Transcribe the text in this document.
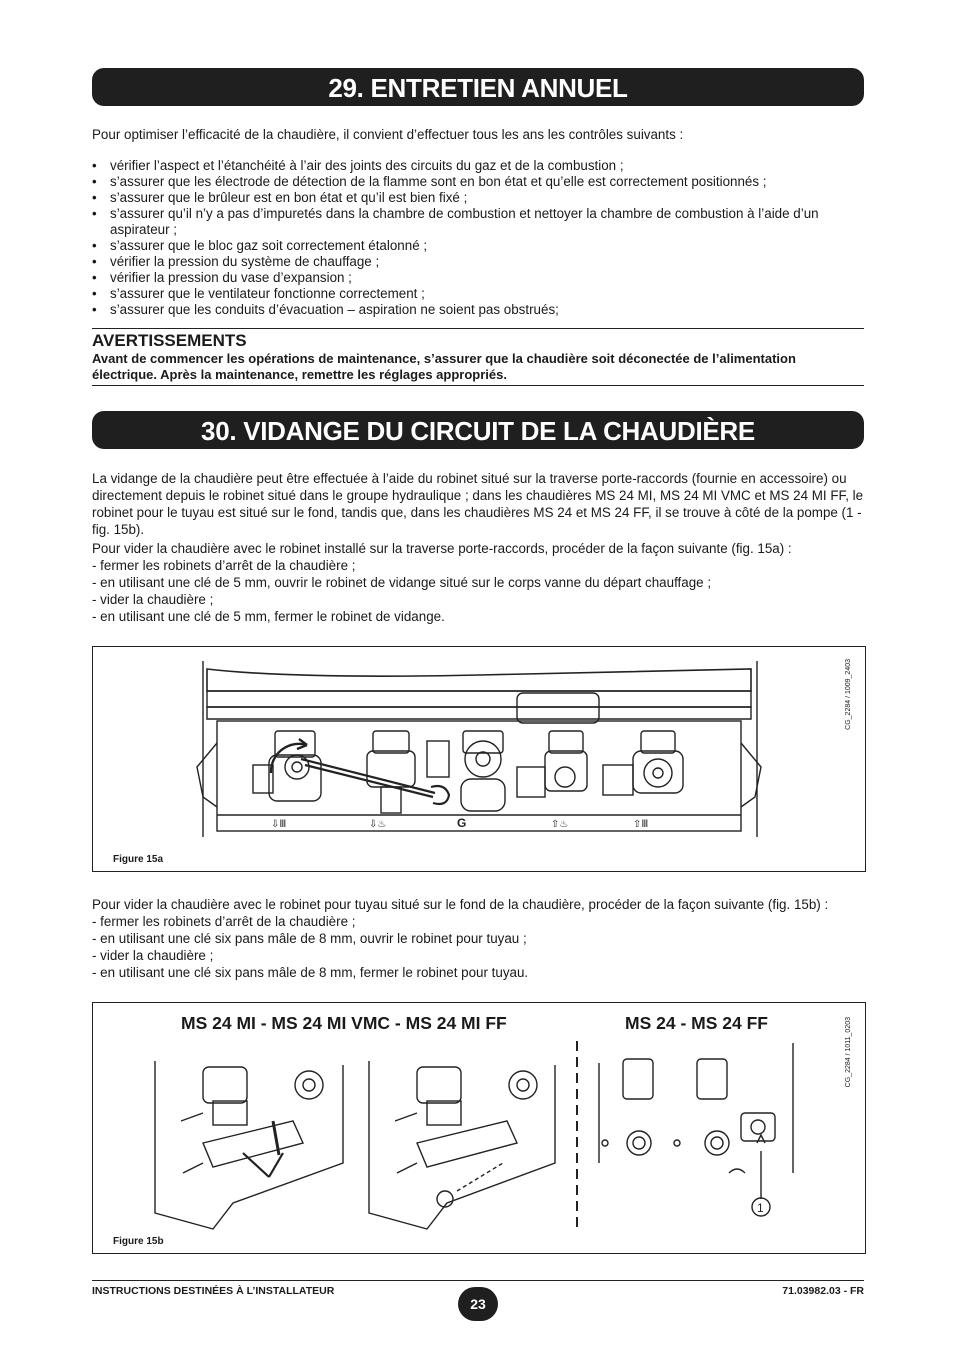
29. ENTRETIEN ANNUEL
Pour optimiser l’efficacité de la chaudière, il convient d’effectuer tous les ans les contrôles suivants :
• vérifier l’aspect et l’étanchéité à l’air des joints des circuits du gaz et de la combustion ;
• s’assurer que les électrode de détection de la flamme sont en bon état et qu’elle est correctement positionnés ;
• s’assurer que le brûleur est en bon état et qu’il est bien fixé ;
• s’assurer qu’il n’y a pas d’impuretés dans la chambre de combustion et nettoyer la chambre de combustion à l’aide d’un aspirateur ;
• s’assurer que le bloc gaz soit correctement étalonné ;
• vérifier la pression du système de chauffage ;
• vérifier la pression du vase d’expansion ;
• s’assurer que le ventilateur fonctionne correctement ;
• s’assurer que les conduits d’évacuation – aspiration ne soient pas obstrués;
AVERTISSEMENTS
Avant de commencer les opérations de maintenance, s’assurer que la chaudière soit déconectée de l’alimentation électrique. Après la maintenance, remettre les réglages appropriés.
30. VIDANGE DU CIRCUIT DE LA CHAUDIÈRE
La vidange de la chaudière peut être effectuée à l’aide du robinet situé sur la traverse porte-raccords (fournie en accessoire) ou directement depuis le robinet situé dans le groupe hydraulique ; dans les chaudières MS 24 MI, MS 24 MI VMC et MS 24 MI FF, le robinet pour le tuyau est situé sur le fond, tandis que, dans les chaudières MS 24 et MS 24 FF, il se trouve à côté de la pompe (1 - fig. 15b).
Pour vider la chaudière avec le robinet installé sur la traverse porte-raccords, procéder de la façon suivante (fig. 15a) :
- fermer les robinets d’arrêt de la chaudière ;
- en utilisant une clé de 5 mm, ouvrir le robinet de vidange situé sur le corps vanne du départ chauffage ;
- vider la chaudière ;
- en utilisant une clé de 5 mm, fermer le robinet de vidange.
⇩Ⅲ	⇩♨	G	⇧♨	⇧Ⅲ
CG_2284 / 1009_2403
Figure 15a
Pour vider la chaudière avec le robinet pour tuyau situé sur le fond de la chaudière, procéder de la façon suivante (fig. 15b) :
- fermer les robinets d’arrêt de la chaudière ;
- en utilisant une clé six pans mâle de 8 mm, ouvrir le robinet pour tuyau ;
- vider la chaudière ;
- en utilisant une clé six pans mâle de 8 mm, fermer le robinet pour tuyau.
MS 24 MI - MS 24 MI VMC - MS 24 MI FF	MS 24 - MS 24 FF
1
CG_2284 / 1011_0203
Figure 15b
INSTRUCTIONS DESTINÉES À L’INSTALLATEUR
23
71.03982.03 - FR
